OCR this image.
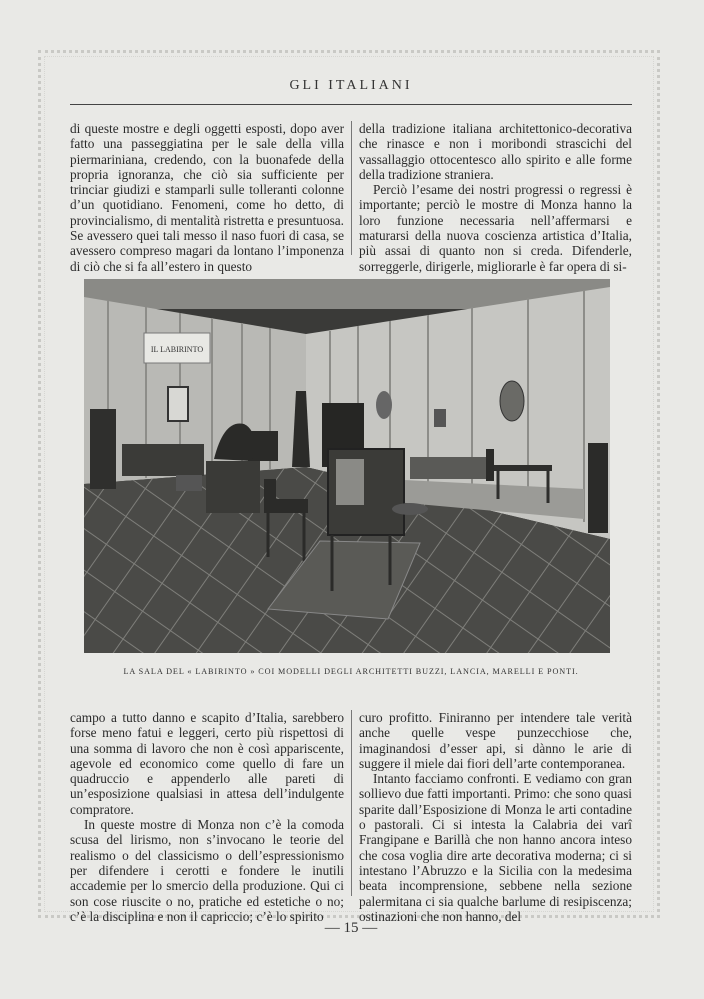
GLI ITALIANI

di queste mostre e degli oggetti esposti, dopo aver fatto una passeggiatina per le sale della villa piermariniana, credendo, con la buonafede della propria ignoranza, che ciò sia sufficiente per trinciar giudizi e stamparli sulle tolleranti colonne d’un quotidiano. Fenomeni, come ho detto, di provincialismo, di mentalità ristretta e presuntuosa. Se avessero quei tali messo il naso fuori di casa, se avessero compreso magari da lontano l’imponenza di ciò che si fa all’estero in questo

della tradizione italiana architettonico-decorativa che rinasce e non i moribondi strascichi del vassallaggio ottocentesco allo spirito e alle forme della tradizione straniera.

Perciò l’esame dei nostri progressi o regressi è importante; perciò le mostre di Monza hanno la loro funzione necessaria nell’affermarsi e maturarsi della nuova coscienza artistica d’Italia, più assai di quanto non si creda. Difenderle, sorreggerle, dirigerle, migliorarle è far opera di si-

IL LABIRINTO
LA SALA DEL « LABIRINTO » COI MODELLI DEGLI ARCHITETTI BUZZI, LANCIA, MARELLI E PONTI.

campo a tutto danno e scapito d’Italia, sarebbero forse meno fatui e leggeri, certo più rispettosi di una somma di lavoro che non è così appariscente, agevole ed economico come quello di fare un quadruccio e appenderlo alle pareti di un’esposizione qualsiasi in attesa dell’indulgente compratore.

In queste mostre di Monza non c’è la comoda scusa del lirismo, non s’invocano le teorie del realismo o del classicismo o dell’espressionismo per difendere i cerotti e fondere le inutili accademie per lo smercio della produzione. Qui ci son cose riuscite o no, pratiche ed estetiche o no; c’è la disciplina e non il capriccio; c’è lo spirito

curo profitto. Finiranno per intendere tale verità anche quelle vespe punzecchiose che, imaginandosi d’esser api, si dànno le arie di suggere il miele dai fiori dell’arte contemporanea.

Intanto facciamo confronti. E vediamo con gran sollievo due fatti importanti. Primo: che sono quasi sparite dall’Esposizione di Monza le arti contadine o pastorali. Ci si intesta la Calabria dei varî Frangipane e Barillà che non hanno ancora inteso che cosa voglia dire arte decorativa moderna; ci si intestano l’Abruzzo e la Sicilia con la medesima beata incomprensione, sebbene nella sezione palermitana ci sia qualche barlume di resipiscenza; ostinazioni che non hanno, del

— 15 —
